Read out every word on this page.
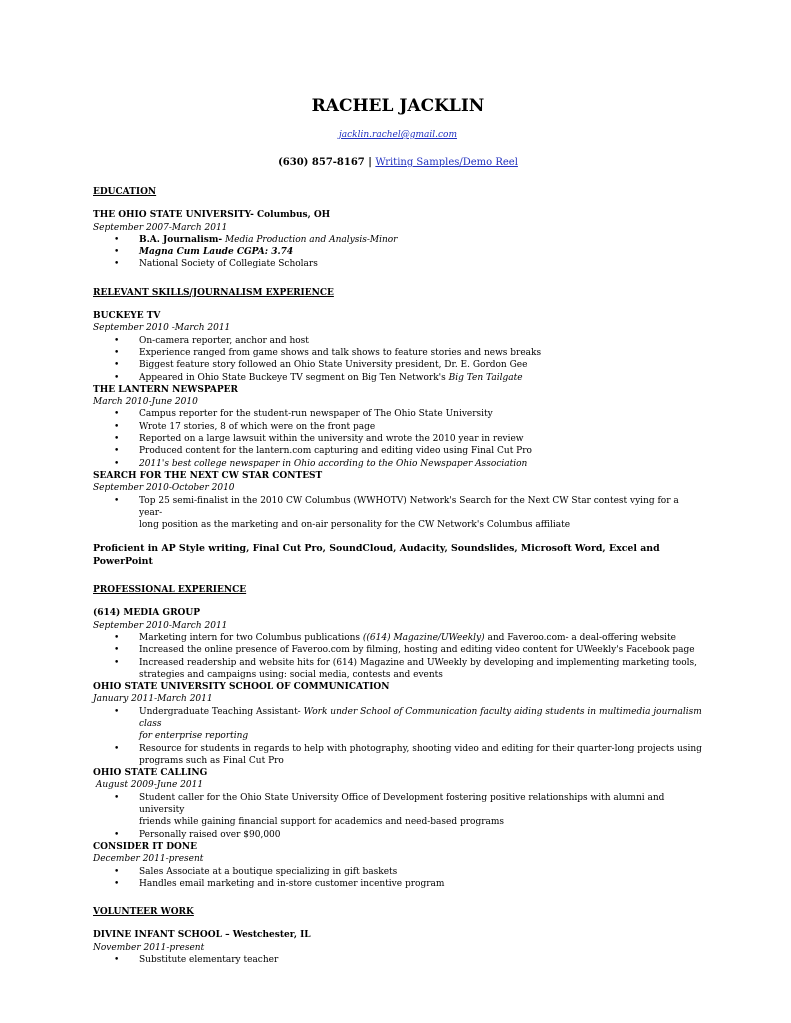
RACHEL JACKLIN
jacklin.rachel@gmail.com
(630) 857-8167 | Writing Samples/Demo Reel
EDUCATION
THE OHIO STATE UNIVERSITY- Columbus, OH
September 2007-March 2011
• B.A. Journalism- Media Production and Analysis-Minor
• Magna Cum Laude CGPA: 3.74
• National Society of Collegiate Scholars
RELEVANT SKILLS/JOURNALISM EXPERIENCE
BUCKEYE TV
September 2010 -March 2011
• On-camera reporter, anchor and host
• Experience ranged from game shows and talk shows to feature stories and news breaks
• Biggest feature story followed an Ohio State University president, Dr. E. Gordon Gee
• Appeared in Ohio State Buckeye TV segment on Big Ten Network's Big Ten Tailgate
THE LANTERN NEWSPAPER
March 2010-June 2010
• Campus reporter for the student-run newspaper of The Ohio State University
• Wrote 17 stories, 8 of which were on the front page
• Reported on a large lawsuit within the university and wrote the 2010 year in review
• Produced content for the lantern.com capturing and editing video using Final Cut Pro
• 2011's best college newspaper in Ohio according to the Ohio Newspaper Association
SEARCH FOR THE NEXT CW STAR CONTEST
September 2010-October 2010
• Top 25 semi-finalist in the 2010 CW Columbus (WWHOTV) Network's Search for the Next CW Star contest vying for a year-
long position as the marketing and on-air personality for the CW Network's Columbus affiliate
Proficient in AP Style writing, Final Cut Pro, SoundCloud, Audacity, Soundslides, Microsoft Word, Excel and PowerPoint
PROFESSIONAL EXPERIENCE
(614) MEDIA GROUP
September 2010-March 2011
• Marketing intern for two Columbus publications ((614) Magazine/UWeekly) and Faveroo.com- a deal-offering website
• Increased the online presence of Faveroo.com by filming, hosting and editing video content for UWeekly's Facebook page
• Increased readership and website hits for (614) Magazine and UWeekly by developing and implementing marketing tools,
strategies and campaigns using: social media, contests and events
OHIO STATE UNIVERSITY SCHOOL OF COMMUNICATION
January 2011-March 2011
• Undergraduate Teaching Assistant- Work under School of Communication faculty aiding students in multimedia journalism class
for enterprise reporting
• Resource for students in regards to help with photography, shooting video and editing for their quarter-long projects using
programs such as Final Cut Pro
OHIO STATE CALLING
August 2009-June 2011
• Student caller for the Ohio State University Office of Development fostering positive relationships with alumni and university
friends while gaining financial support for academics and need-based programs
• Personally raised over $90,000
CONSIDER IT DONE
December 2011-present
• Sales Associate at a boutique specializing in gift baskets
• Handles email marketing and in-store customer incentive program
VOLUNTEER WORK
DIVINE INFANT SCHOOL – Westchester, IL
November 2011-present
• Substitute elementary teacher
